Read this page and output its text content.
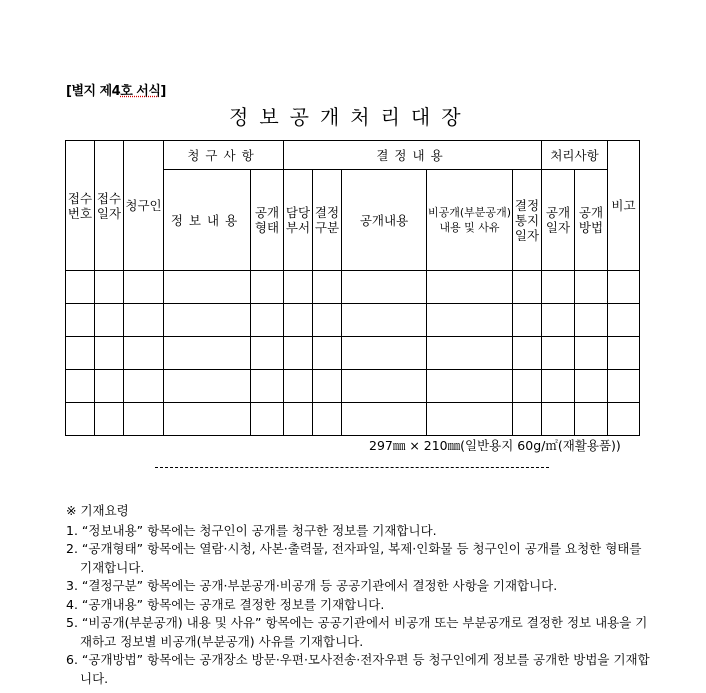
[별지 제4호 서식]
정보공개처리대장
접수번호	접수일자	청구인	청구사항		결정내용					처리사항		비고
			정보내용	공개형태	담당부서	결정구분	공개내용	비공개(부분공개) 내용 및 사유	결정통지일자	공개일자	공개방법	

297㎜ × 210㎜(일반용지 60g/㎡(재활용품))
※ 기재요령
1. “정보내용” 항목에는 청구인이 공개를 청구한 정보를 기재합니다.
2. “공개형태” 항목에는 열람·시청, 사본·출력물, 전자파일, 복제·인화물 등 청구인이 공개를 요청한 형태를 기재합니다.
3. “결정구분” 항목에는 공개·부분공개·비공개 등 공공기관에서 결정한 사항을 기재합니다.
4. “공개내용” 항목에는 공개로 결정한 정보를 기재합니다.
5. “비공개(부분공개) 내용 및 사유” 항목에는 공공기관에서 비공개 또는 부분공개로 결정한 정보 내용을 기재하고 정보별 비공개(부분공개) 사유를 기재합니다.
6. “공개방법” 항목에는 공개장소 방문·우편·모사전송·전자우편 등 청구인에게 정보를 공개한 방법을 기재합니다.
